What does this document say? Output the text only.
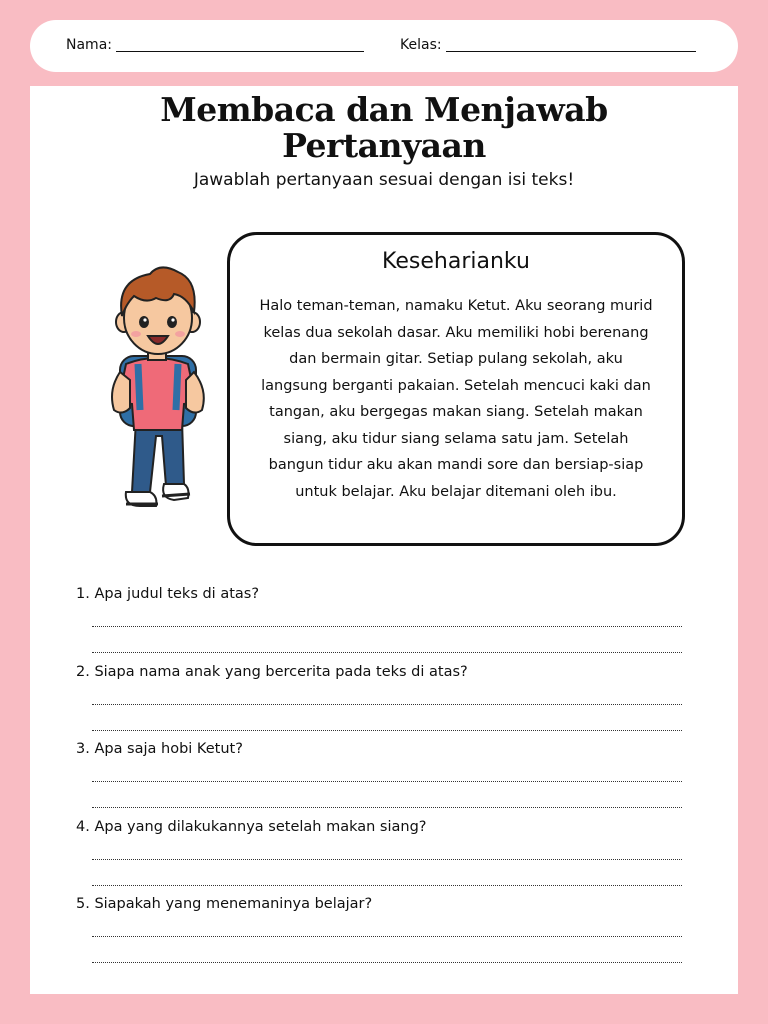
Nama:	Kelas:
Membaca dan Menjawab
Pertanyaan
Jawablah pertanyaan sesuai dengan isi teks!
Keseharianku
Halo teman-teman, namaku Ketut. Aku seorang murid kelas dua sekolah dasar. Aku memiliki hobi berenang dan bermain gitar. Setiap pulang sekolah, aku langsung berganti pakaian. Setelah mencuci kaki dan tangan, aku bergegas makan siang. Setelah makan siang, aku tidur siang selama satu jam. Setelah bangun tidur aku akan mandi sore dan bersiap-siap untuk belajar. Aku belajar ditemani oleh ibu.
1. Apa judul teks di atas?
2. Siapa nama anak yang bercerita pada teks di atas?
3. Apa saja hobi Ketut?
4. Apa yang dilakukannya setelah makan siang?
5. Siapakah yang menemaninya belajar?
